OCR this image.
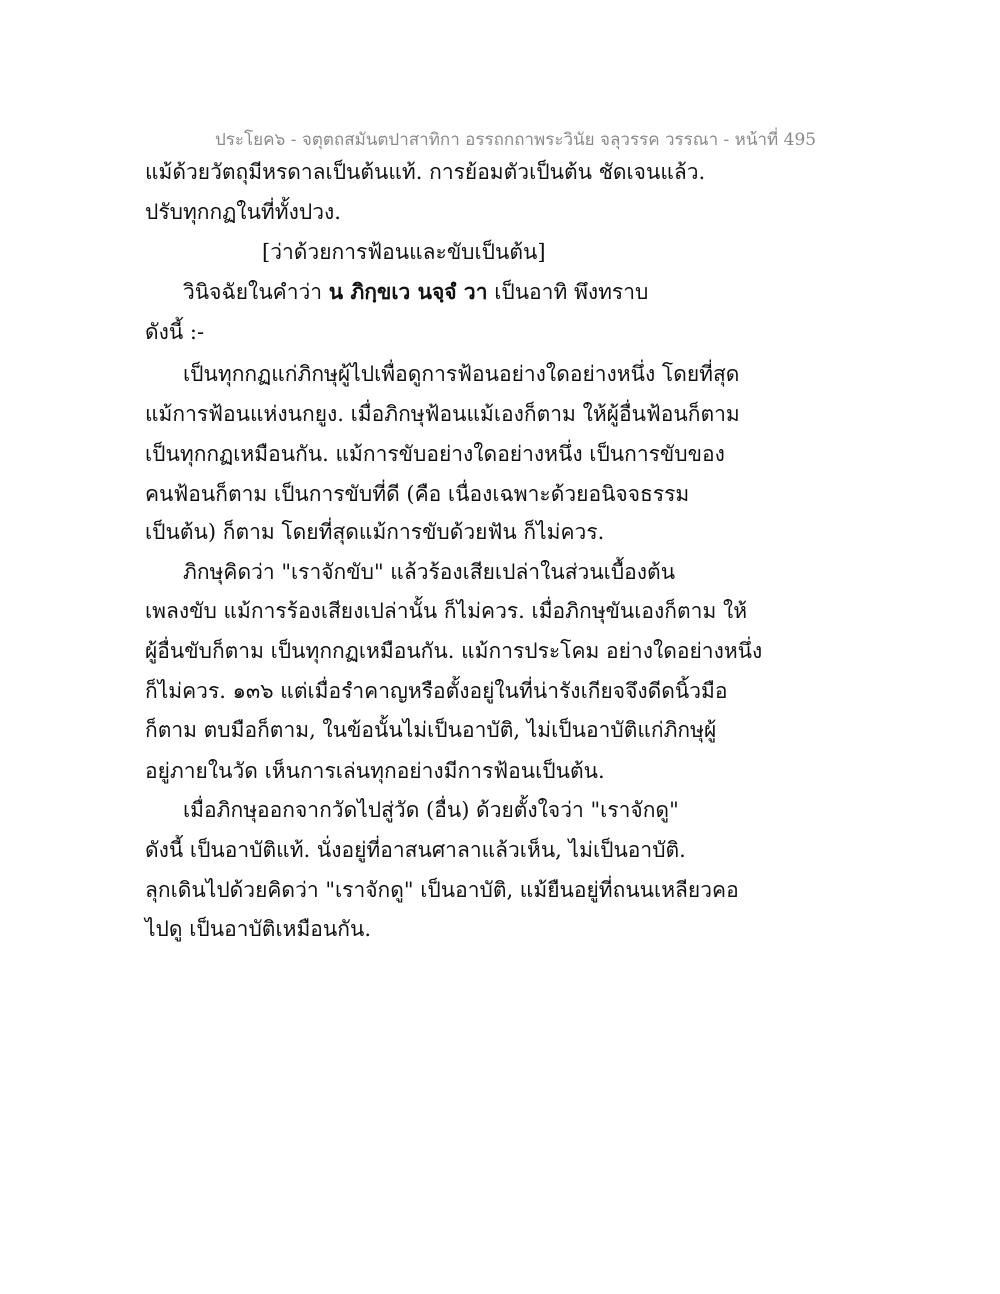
ประโยค๖ - จตุตถสมันตปาสาทิกา อรรถกถาพระวินัย จลุวรรค วรรณา - หน้าที่ 495
แม้ด้วยวัตถุมีหรดาลเป็นต้นแท้. การย้อมตัวเป็นต้น ชัดเจนแล้ว.
ปรับทุกกฏในที่ทั้งปวง.
[ว่าด้วยการฟ้อนและขับเป็นต้น]
วินิจฉัยในคำว่า น ภิกฺขเว นจฺจํ วา เป็นอาทิ พึงทราบ
ดังนี้ :-
เป็นทุกกฏแก่ภิกษุผู้ไปเพื่อดูการฟ้อนอย่างใดอย่างหนึ่ง โดยที่สุด
แม้การฟ้อนแห่งนกยูง. เมื่อภิกษุฟ้อนแม้เองก็ตาม ให้ผู้อื่นฟ้อนก็ตาม
เป็นทุกกฏเหมือนกัน. แม้การขับอย่างใดอย่างหนึ่ง เป็นการขับของ
คนฟ้อนก็ตาม เป็นการขับที่ดี (คือ เนื่องเฉพาะด้วยอนิจจธรรม
เป็นต้น) ก็ตาม โดยที่สุดแม้การขับด้วยฟัน ก็ไม่ควร.
ภิกษุคิดว่า "เราจักขับ" แล้วร้องเสียเปล่าในส่วนเบื้องต้น
เพลงขับ แม้การร้องเสียงเปล่านั้น ก็ไม่ควร. เมื่อภิกษุขันเองก็ตาม ให้
ผู้อื่นขับก็ตาม เป็นทุกกฏเหมือนกัน. แม้การประโคม อย่างใดอย่างหนึ่ง
ก็ไม่ควร. ๑๓๖ แต่เมื่อรำคาญหรือตั้งอยู่ในที่น่ารังเกียจจึงดีดนิ้วมือ
ก็ตาม ตบมือก็ตาม, ในข้อนั้นไม่เป็นอาบัติ, ไม่เป็นอาบัติแก่ภิกษุผู้
อยู่ภายในวัด เห็นการเล่นทุกอย่างมีการฟ้อนเป็นต้น.
เมื่อภิกษุออกจากวัดไปสู่วัด (อื่น) ด้วยตั้งใจว่า "เราจักดู"
ดังนี้ เป็นอาบัติแท้. นั่งอยู่ที่อาสนศาลาแล้วเห็น, ไม่เป็นอาบัติ.
ลุกเดินไปด้วยคิดว่า "เราจักดู" เป็นอาบัติ, แม้ยืนอยู่ที่ถนนเหลียวคอ
ไปดู เป็นอาบัติเหมือนกัน.
